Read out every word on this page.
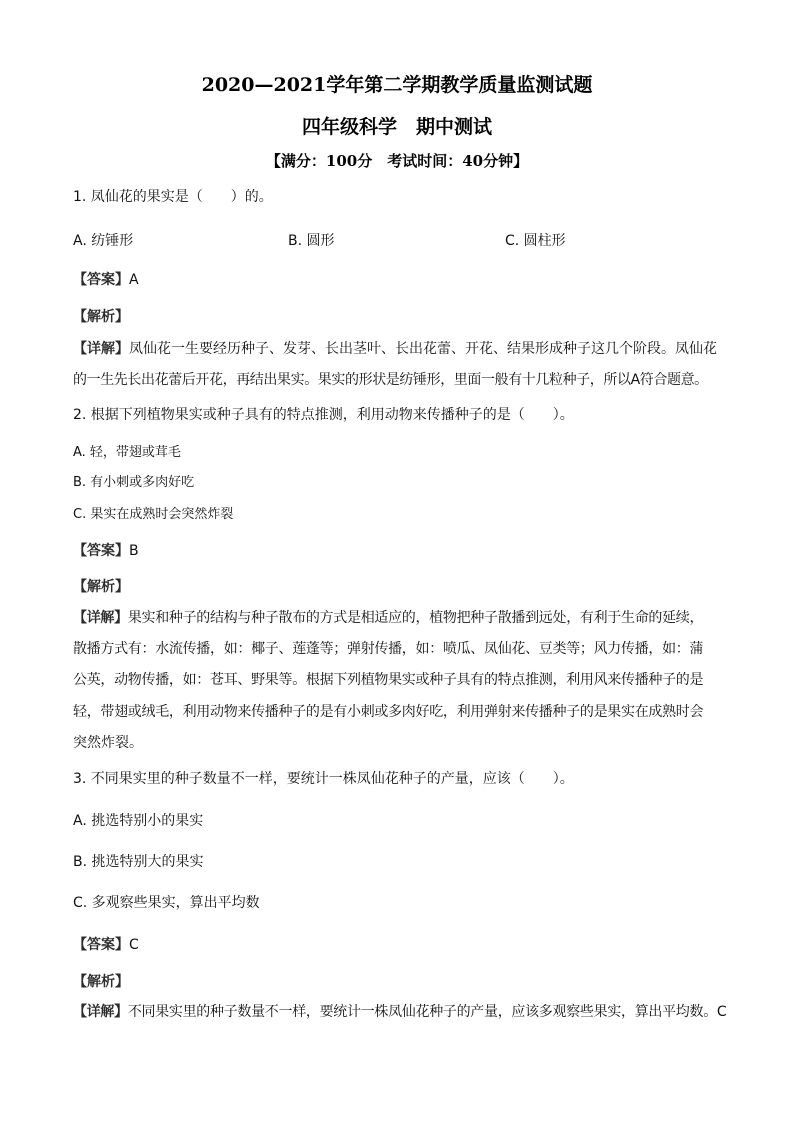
2020—2021学年第二学期教学质量监测试题
四年级科学　期中测试
【满分：100分　考试时间：40分钟】
1. 凤仙花的果实是（　　）的。
A. 纺锤形	B. 圆形	C. 圆柱形
【答案】A
【解析】
【详解】凤仙花一生要经历种子、发芽、长出茎叶、长出花蕾、开花、结果形成种子这几个阶段。凤仙花
的一生先长出花蕾后开花，再结出果实。果实的形状是纺锤形，里面一般有十几粒种子，所以A符合题意。
2. 根据下列植物果实或种子具有的特点推测，利用动物来传播种子的是（　　）。
A. 轻，带翅或茸毛
B. 有小刺或多肉好吃
C. 果实在成熟时会突然炸裂
【答案】B
【解析】
【详解】果实和种子的结构与种子散布的方式是相适应的，植物把种子散播到远处，有利于生命的延续，
散播方式有：水流传播，如：椰子、莲蓬等；弹射传播，如：喷瓜、凤仙花、豆类等；风力传播，如：蒲
公英，动物传播，如：苍耳、野果等。根据下列植物果实或种子具有的特点推测，利用风来传播种子的是
轻，带翅或绒毛，利用动物来传播种子的是有小刺或多肉好吃，利用弹射来传播种子的是果实在成熟时会
突然炸裂。
3. 不同果实里的种子数量不一样，要统计一株凤仙花种子的产量，应该（　　）。
A. 挑选特别小的果实
B. 挑选特别大的果实
C. 多观察些果实，算出平均数
【答案】C
【解析】
【详解】不同果实里的种子数量不一样，要统计一株凤仙花种子的产量，应该多观察些果实，算出平均数。C
